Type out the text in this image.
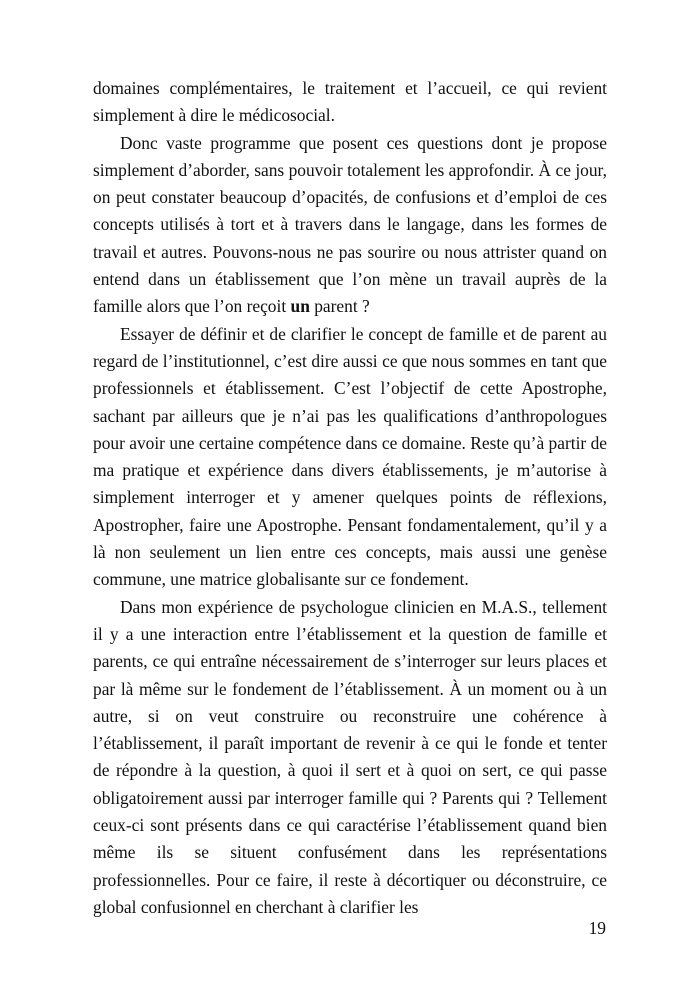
domaines complémentaires, le traitement et l’accueil, ce qui revient simplement à dire le médicosocial.

Donc vaste programme que posent ces questions dont je propose simplement d’aborder, sans pouvoir totalement les approfondir. À ce jour, on peut constater beaucoup d’opacités, de confusions et d’emploi de ces concepts utilisés à tort et à travers dans le langage, dans les formes de travail et autres. Pouvons-nous ne pas sourire ou nous attrister quand on entend dans un établissement que l’on mène un travail auprès de la famille alors que l’on reçoit un parent ?

Essayer de définir et de clarifier le concept de famille et de parent au regard de l’institutionnel, c’est dire aussi ce que nous sommes en tant que professionnels et établissement. C’est l’objectif de cette Apostrophe, sachant par ailleurs que je n’ai pas les qualifications d’anthropologues pour avoir une certaine compétence dans ce domaine. Reste qu’à partir de ma pratique et expérience dans divers établissements, je m’autorise à simplement interroger et y amener quelques points de réflexions, Apostropher, faire une Apostrophe. Pensant fondamentalement, qu’il y a là non seulement un lien entre ces concepts, mais aussi une genèse commune, une matrice globalisante sur ce fondement.

Dans mon expérience de psychologue clinicien en M.A.S., tellement il y a une interaction entre l’établissement et la question de famille et parents, ce qui entraîne nécessairement de s’interroger sur leurs places et par là même sur le fondement de l’établissement. À un moment ou à un autre, si on veut construire ou reconstruire une cohérence à l’établissement, il paraît important de revenir à ce qui le fonde et tenter de répondre à la question, à quoi il sert et à quoi on sert, ce qui passe obligatoirement aussi par interroger famille qui ? Parents qui ? Tellement ceux-ci sont présents dans ce qui caractérise l’établissement quand bien même ils se situent confusément dans les représentations professionnelles. Pour ce faire, il reste à décortiquer ou déconstruire, ce global confusionnel en cherchant à clarifier les

19
